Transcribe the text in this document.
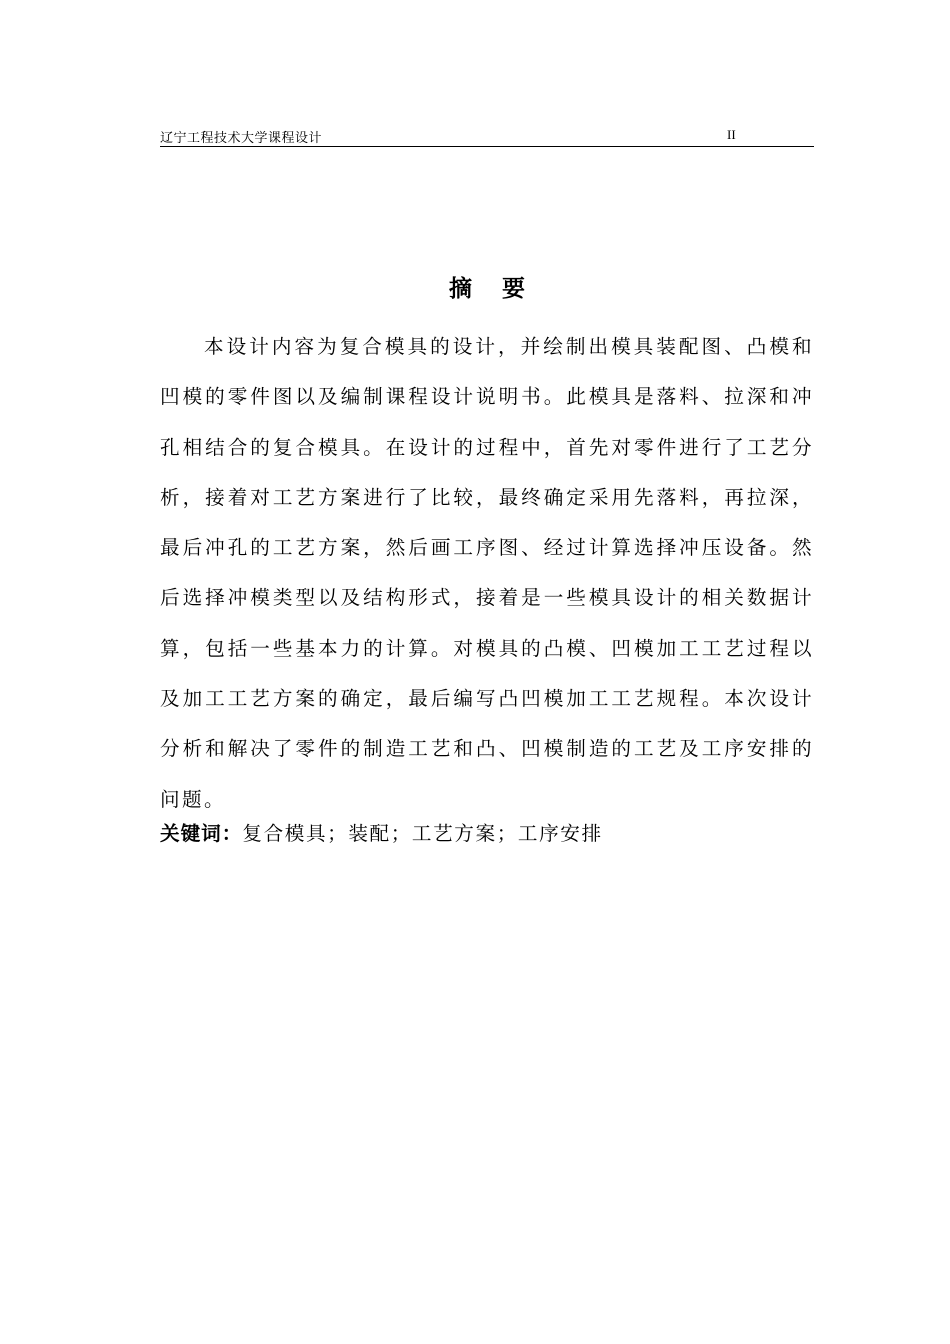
辽宁工程技术大学课程设计	II
摘 要

本设计内容为复合模具的设计，并绘制出模具装配图、凸模和凹模的零件图以及编制课程设计说明书。此模具是落料、拉深和冲孔相结合的复合模具。在设计的过程中，首先对零件进行了工艺分析，接着对工艺方案进行了比较，最终确定采用先落料，再拉深，最后冲孔的工艺方案，然后画工序图、经过计算选择冲压设备。然后选择冲模类型以及结构形式，接着是一些模具设计的相关数据计算，包括一些基本力的计算。对模具的凸模、凹模加工工艺过程以及加工工艺方案的确定，最后编写凸凹模加工工艺规程。本次设计分析和解决了零件的制造工艺和凸、凹模制造的工艺及工序安排的问题。

关键词：复合模具；装配；工艺方案；工序安排
